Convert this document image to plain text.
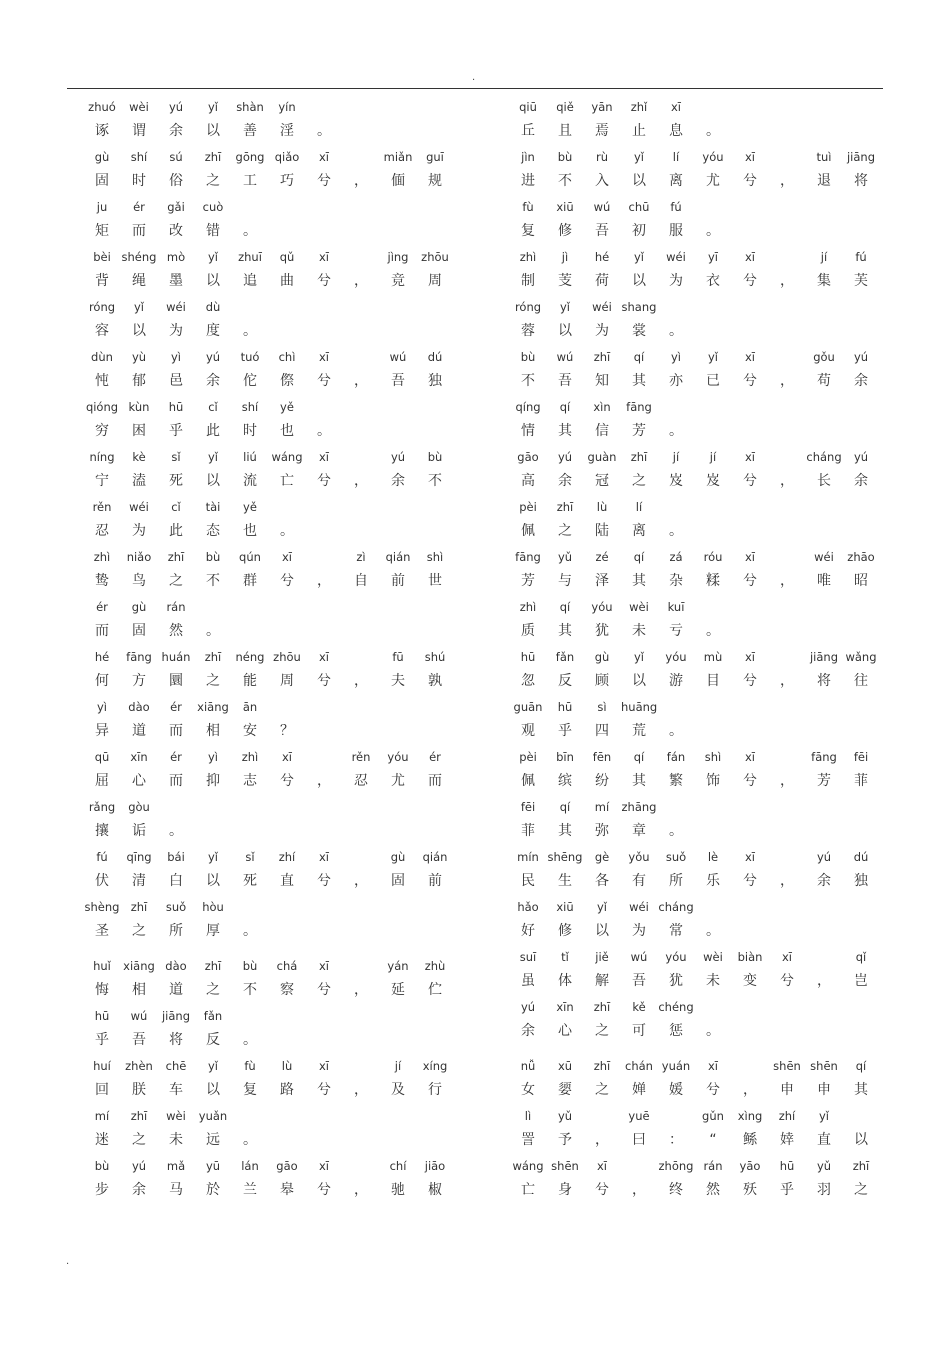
.
zhuó	wèi	yú	yǐ	shàn	yín
诼	谓	余	以	善	淫	。
gù	shí	sú	zhī	gōng qiǎo	xī	miǎn	guī
固	时	俗	之	工	巧	兮	，	偭	规
ju	ér	gǎi	cuò
矩	而	改	错	。
bèi shéng mò	yǐ	zhuī	qǔ	xī	jìng	zhōu
背	绳	墨	以	追	曲	兮	，	竞	周
róng	yǐ	wéi	dù
容	以	为	度	。
dùn	yù	yì	yú	tuó	chì	xī	wú	dú
忳	郁	邑	余	佗	傺	兮	，	吾	独
qióng kùn	hū	cǐ	shí	yě
穷	困	乎	此	时	也	。
níng	kè	sǐ	yǐ	liú	wáng	xī	yú	bù
宁	溘	死	以	流	亡	兮	，	余	不
rěn	wéi	cǐ	tài	yě
忍	为	此	态	也	。
zhì	niǎo	zhī	bù	qún	xī	zì	qián	shì
鸷	鸟	之	不	群	兮	，	自	前	世
ér	gù	rán
而	固	然	。
hé	fāng huán	zhī	néng zhōu	xī	fū	shú
何	方	圜	之	能	周	兮	，	夫	孰
yì	dào	ér	xiāng	ān
异	道	而	相	安	？
qū	xīn	ér	yì	zhì	xī	rěn	yóu	ér
屈	心	而	抑	志	兮	，	忍	尤	而
rǎng	gòu
攘	诟	。
fú	qīng	bái	yǐ	sǐ	zhí	xī	gù	qián
伏	清	白	以	死	直	兮	，	固	前
shèng zhī	suǒ	hòu
圣	之	所	厚	。
huǐ	xiāng dào	zhī	bù	chá	xī	yán	zhù
悔	相	道	之	不	察	兮	，	延	伫
hū	wú	jiāng	fǎn
乎	吾	将	反	。
huí	zhèn	chē	yǐ	fù	lù	xī	jí	xíng
回	朕	车	以	复	路	兮	，	及	行
mí	zhī	wèi	yuǎn
迷	之	未	远	。
bù	yú	mǎ	yū	lán	gāo	xī	chí	jiāo
步	余	马	於	兰	皋	兮	，	驰	椒
qiū	qiě	yān	zhǐ	xī
丘	且	焉	止	息	。
jìn	bù	rù	yǐ	lí	yóu	xī	tuì	jiāng
进	不	入	以	离	尤	兮	，	退	将
fù	xiū	wú	chū	fú
复	修	吾	初	服	。
zhì	jì	hé	yǐ	wéi	yī	xī	jí	fú
制	芰	荷	以	为	衣	兮	，	集	芙
róng	yǐ	wéi shang
蓉	以	为	裳	。
bù	wú	zhī	qí	yì	yǐ	xī	gǒu	yú
不	吾	知	其	亦	已	兮	，	苟	余
qíng	qí	xìn	fāng
情	其	信	芳	。
gāo	yú	guàn	zhī	jí	jí	xī	cháng	yú
高	余	冠	之	岌	岌	兮	，	长	余
pèi	zhī	lù	lí
佩	之	陆	离	。
fāng	yǔ	zé	qí	zá	róu	xī	wéi	zhāo
芳	与	泽	其	杂	糅	兮	，	唯	昭
zhì	qí	yóu	wèi	kuī
质	其	犹	未	亏	。
hū	fǎn	gù	yǐ	yóu	mù	xī	jiāng wǎng
忽	反	顾	以	游	目	兮	，	将	往
guān	hū	sì	huāng
观	乎	四	荒	。
pèi	bīn	fēn	qí	fán	shì	xī	fāng	fēi
佩	缤	纷	其	繁	饰	兮	，	芳	菲
fēi	qí	mí	zhāng
菲	其	弥	章	。
mín shēng	gè	yǒu	suǒ	lè	xī	yú	dú
民	生	各	有	所	乐	兮	，	余	独
hǎo	xiū	yǐ	wéi cháng
好	修	以	为	常	。
suī	tǐ	jiě	wú	yóu	wèi	biàn	xī	qǐ
虽	体	解	吾	犹	未	变	兮	，	岂
yú	xīn	zhī	kě	chéng
余	心	之	可	惩	。
nǚ	xū	zhī	chán yuán	xī	shēn shēn	qí
女	媭	之	婵	媛	兮	，	申	申	其
lì	yǔ	yuē	gǔn	xìng	zhí	yǐ
詈	予	，	曰	：	“	鲧	婞	直	以
wáng shēn	xī	zhōng rán	yāo	hū	yǔ	zhī
亡	身	兮	，	终	然	殀	乎	羽	之
.
